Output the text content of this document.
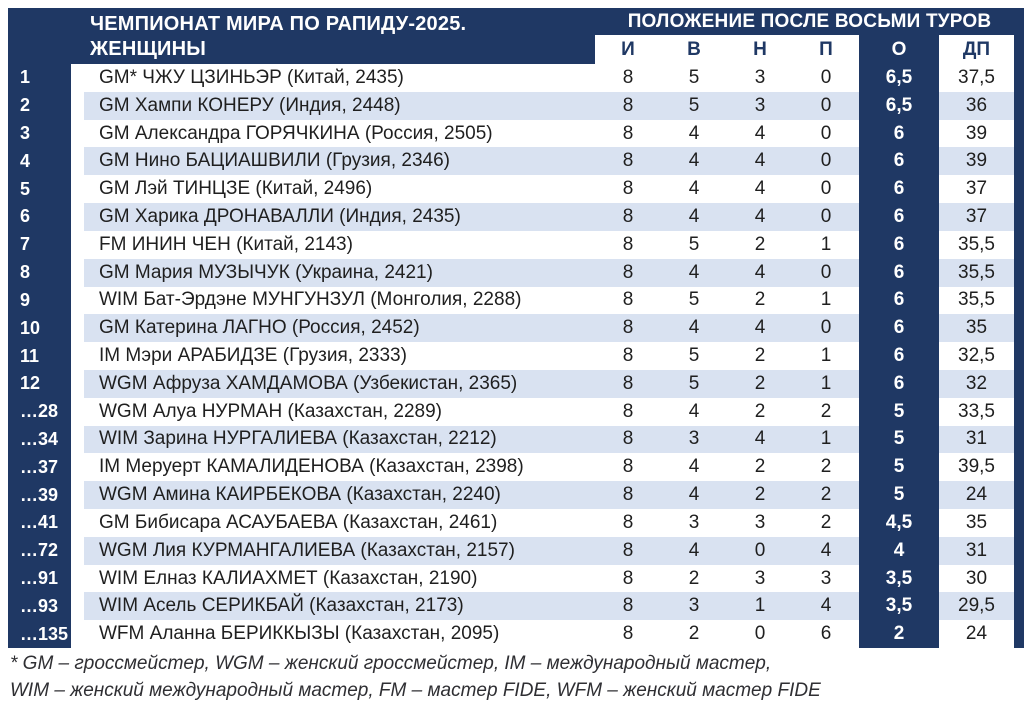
ЧЕМПИОНАТ МИРА ПО РАПИДУ-2025.
ЖЕНЩИНЫ
ПОЛОЖЕНИЕ ПОСЛЕ ВОСЬМИ ТУРОВ
И	В	Н	П	О	ДП
1	GM* ЧЖУ ЦЗИНЬЭР (Китай, 2435)	8	5	3	0	6,5	37,5
2	GM Хампи КОНЕРУ (Индия, 2448)	8	5	3	0	6,5	36
3	GM Александра ГОРЯЧКИНА (Россия, 2505)	8	4	4	0	6	39
4	GM Нино БАЦИАШВИЛИ (Грузия, 2346)	8	4	4	0	6	39
5	GM Лэй ТИНЦЗЕ (Китай, 2496)	8	4	4	0	6	37
6	GM Харика ДРОНАВАЛЛИ (Индия, 2435)	8	4	4	0	6	37
7	FM ИНИН ЧЕН (Китай, 2143)	8	5	2	1	6	35,5
8	GM Мария МУЗЫЧУК (Украина, 2421)	8	4	4	0	6	35,5
9	WIM Бат-Эрдэне МУНГУНЗУЛ (Монголия, 2288)	8	5	2	1	6	35,5
10	GM Катерина ЛАГНО (Россия, 2452)	8	4	4	0	6	35
11	IM Мэри АРАБИДЗЕ (Грузия, 2333)	8	5	2	1	6	32,5
12	WGM Афруза ХАМДАМОВА (Узбекистан, 2365)	8	5	2	1	6	32
…28	WGM Алуа НУРМАН (Казахстан, 2289)	8	4	2	2	5	33,5
…34	WIM Зарина НУРГАЛИЕВА (Казахстан, 2212)	8	3	4	1	5	31
…37	IM Меруерт КАМАЛИДЕНОВА (Казахстан, 2398)	8	4	2	2	5	39,5
…39	WGM Амина КАИРБЕКОВА (Казахстан, 2240)	8	4	2	2	5	24
…41	GM Бибисара АСАУБАЕВА (Казахстан, 2461)	8	3	3	2	4,5	35
…72	WGM Лия КУРМАНГАЛИЕВА (Казахстан, 2157)	8	4	0	4	4	31
…91	WIM Елназ КАЛИАХМЕТ (Казахстан, 2190)	8	2	3	3	3,5	30
…93	WIM Асель СЕРИКБАЙ (Казахстан, 2173)	8	3	1	4	3,5	29,5
…135	WFM Аланна БЕРИККЫЗЫ (Казахстан, 2095)	8	2	0	6	2	24
* GM – гроссмейстер, WGM – женский гроссмейстер, IM – международный мастер,
WIM – женский международный мастер, FM – мастер FIDE, WFM – женский мастер FIDE
